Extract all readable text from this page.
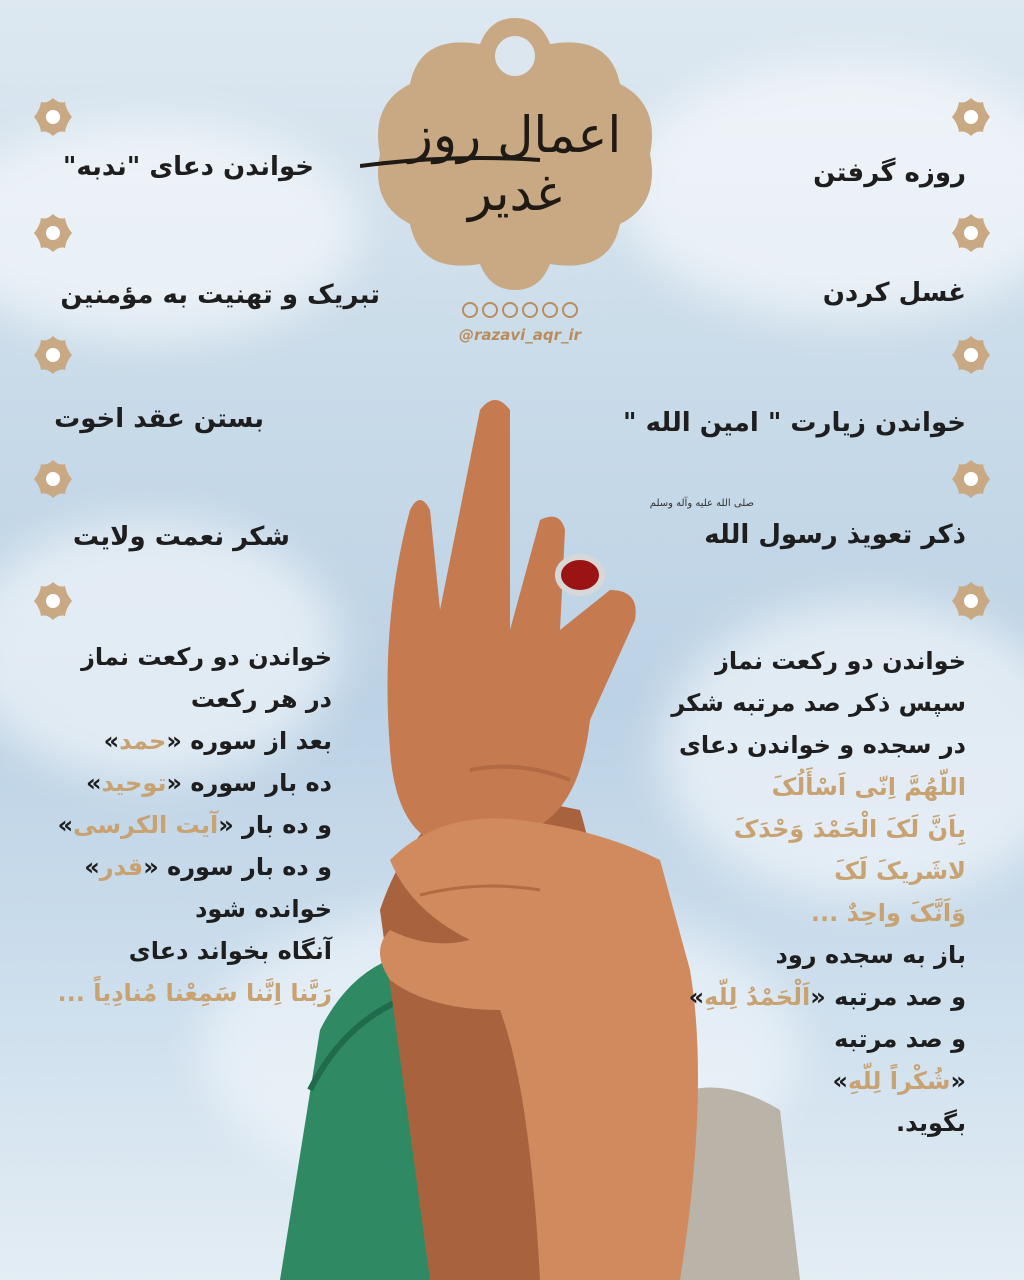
اعمال روز غدیر
@razavi_aqr_ir
روزه گرفتن
غسل کردن
خواندن زیارت " امین الله "
صلی الله علیه وآله وسلم
ذکر تعویذ رسول الله
خواندن دعای "ندبه"
تبریک و تهنیت به مؤمنین
بستن عقد اخوت
شکر نعمت ولایت
خواندن دو رکعت نماز
سپس ذکر صد مرتبه شکر
در سجده و خواندن دعای
اللّهُمَّ اِنّی اَسْأَلُکَ
بِاَنَّ لَکَ الْحَمْدَ وَحْدَکَ
لاشَریکَ لَکَ
وَاَنَّکَ واحِدٌ ...
باز به سجده رود
و صد مرتبه «اَلْحَمْدُ لِلّهِ»
و صد مرتبه
«شُکْراً لِلّهِ»
بگوید.
خواندن دو رکعت نماز
در هر رکعت
بعد از سوره «حمد»
ده بار سوره «توحید»
و ده بار «آیت الکرسی»
و ده بار سوره «قدر»
خوانده شود
آنگاه بخواند دعای
رَبَّنا اِنَّنا سَمِعْنا مُنادِیاً ...
